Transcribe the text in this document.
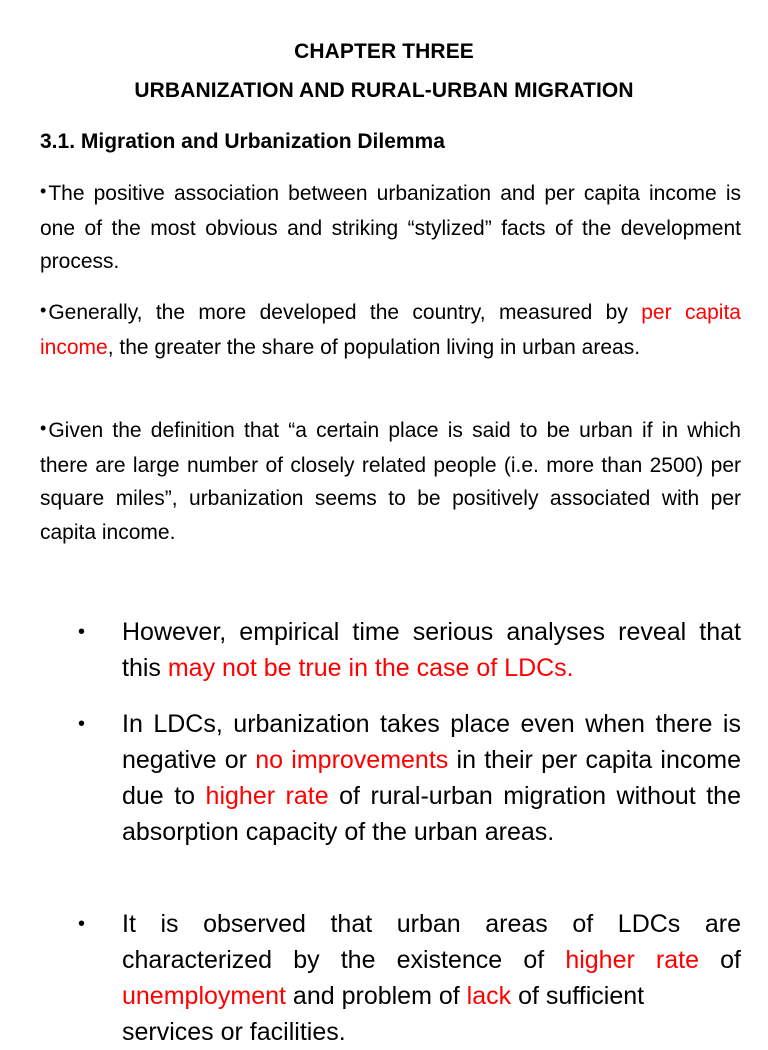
CHAPTER THREE
URBANIZATION AND RURAL-URBAN MIGRATION
3.1. Migration and Urbanization Dilemma
•The positive association between urbanization and per capita income is one of the most obvious and striking “stylized” facts of the development process.
•Generally, the more developed the country, measured by per capita income, the greater the share of population living in urban areas.
•Given the definition that “a certain place is said to be urban if in which there are large number of closely related people (i.e. more than 2500) per square miles”, urbanization seems to be positively associated with per capita income.
• However, empirical time serious analyses reveal that this may not be true in the case of LDCs.
• In LDCs, urbanization takes place even when there is negative or no improvements in their per capita income due to higher rate of rural-urban migration without the absorption capacity of the urban areas.
• It is observed that urban areas of LDCs are characterized by the existence of higher rate of unemployment and problem of lack of sufficient
services or facilities.
